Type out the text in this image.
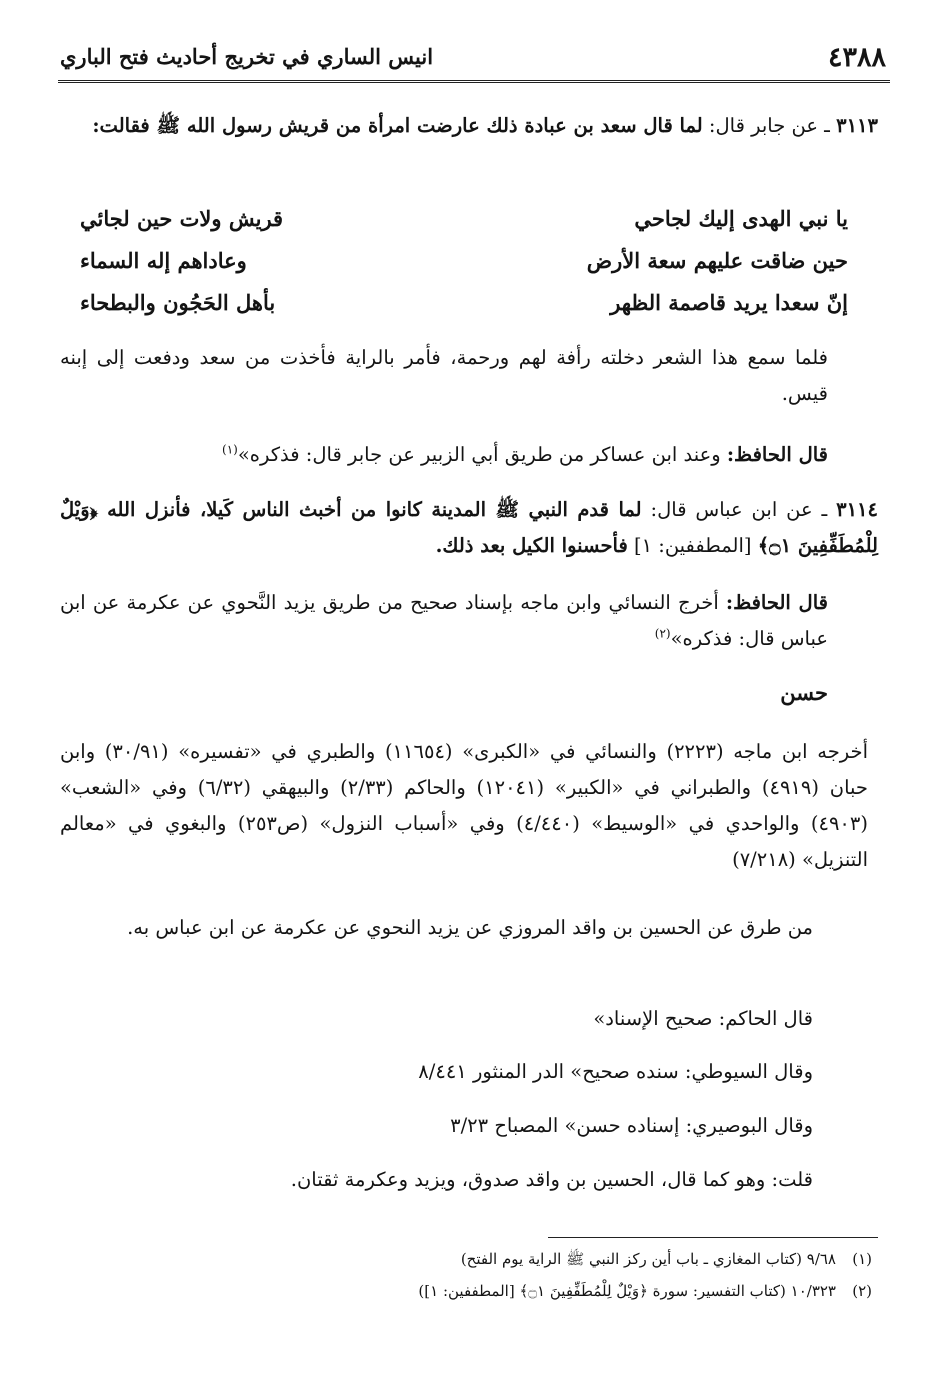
٤٣٨٨
انيس الساري في تخريج أحاديث فتح الباري
٣١١٣ ـ عن جابر قال: لما قال سعد بن عبادة ذلك عارضت امرأة من قريش رسول الله ﷺ فقالت:
يا نبي الهدى إليك لجاحي
قريش ولات حين لجائي
حين ضاقت عليهم سعة الأرض
وعاداهم إله السماء
إنّ سعدا يريد قاصمة الظهر
بأهل الحَجُون والبطحاء
فلما سمع هذا الشعر دخلته رأفة لهم ورحمة، فأمر بالراية فأخذت من سعد ودفعت إلى إبنه قيس.
قال الحافظ: وعند ابن عساكر من طريق أبي الزبير عن جابر قال: فذكره»$^{(١)}$
٣١١٤ ـ عن ابن عباس قال: لما قدم النبي ﷺ المدينة كانوا من أخبث الناس كَيلا، فأنزل الله ﴿وَيْلٌ لِلْمُطَفِّفِينَ ۝١﴾ [المطففين: ١] فأحسنوا الكيل بعد ذلك.
قال الحافظ: أخرج النسائي وابن ماجه بإسناد صحيح من طريق يزيد النَّحوي عن عكرمة عن ابن عباس قال: فذكره»$^{(٢)}$
حسن
أخرجه ابن ماجه (٢٢٢٣) والنسائي في «الكبرى» (١١٦٥٤) والطبري في «تفسيره» (٣٠/٩١) وابن حبان (٤٩١٩) والطبراني في «الكبير» (١٢٠٤١) والحاكم (٢/٣٣) والبيهقي (٦/٣٢) وفي «الشعب» (٤٩٠٣) والواحدي في «الوسيط» (٤/٤٤٠) وفي «أسباب النزول» (ص٢٥٣) والبغوي في «معالم التنزيل» (٧/٢١٨)
من طرق عن الحسين بن واقد المروزي عن يزيد النحوي عن عكرمة عن ابن عباس به.
قال الحاكم: صحيح الإسناد»
وقال السيوطي: سنده صحيح» الدر المنثور ٨/٤٤١
وقال البوصيري: إسناده حسن» المصباح ٣/٢٣
قلت: وهو كما قال، الحسين بن واقد صدوق، ويزيد وعكرمة ثقتان.
(١)٩/٦٨ (كتاب المغازي ـ باب أين ركز النبي ﷺ الراية يوم الفتح)
(٢)١٠/٣٢٣ (كتاب التفسير: سورة ﴿وَيْلٌ لِلْمُطَفِّفِينَ ۝١﴾ [المطففين: ١])
